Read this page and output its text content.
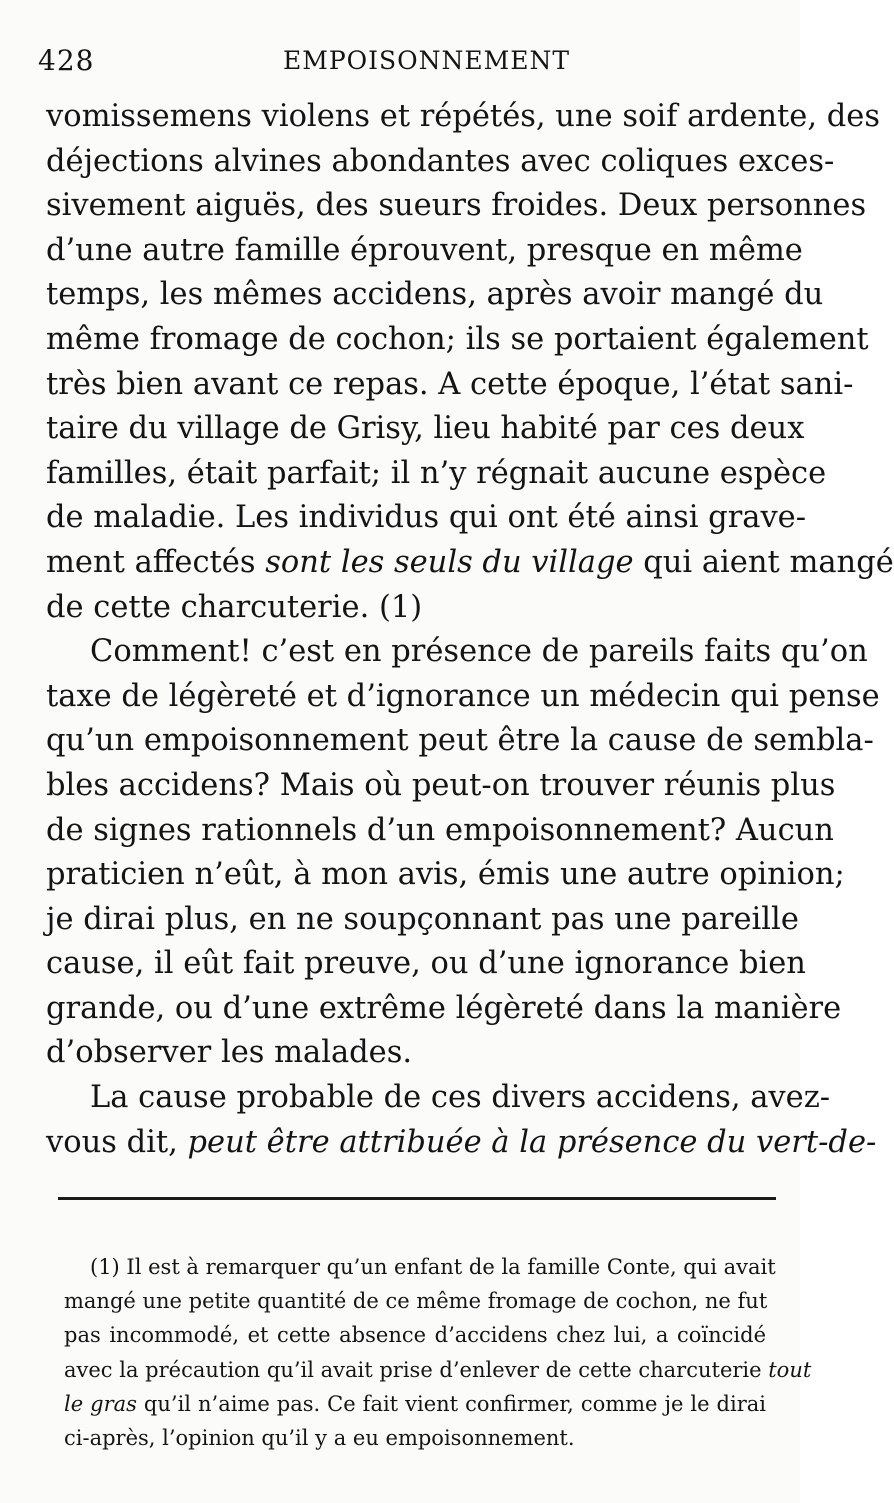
428	EMPOISONNEMENT
vomissemens violens et répétés, une soif ardente, des
déjections alvines abondantes avec coliques exces-
sivement aiguës, des sueurs froides. Deux personnes
d’une autre famille éprouvent, presque en même
temps, les mêmes accidens, après avoir mangé du
même fromage de cochon; ils se portaient également
très bien avant ce repas. A cette époque, l’état sani-
taire du village de Grisy, lieu habité par ces deux
familles, était parfait; il n’y régnait aucune espèce
de maladie. Les individus qui ont été ainsi grave-
ment affectés sont les seuls du village qui aient mangé
de cette charcuterie. (1)
Comment! c’est en présence de pareils faits qu’on
taxe de légèreté et d’ignorance un médecin qui pense
qu’un empoisonnement peut être la cause de sembla-
bles accidens? Mais où peut-on trouver réunis plus
de signes rationnels d’un empoisonnement? Aucun
praticien n’eût, à mon avis, émis une autre opinion;
je dirai plus, en ne soupçonnant pas une pareille
cause, il eût fait preuve, ou d’une ignorance bien
grande, ou d’une extrême légèreté dans la manière
d’observer les malades.
La cause probable de ces divers accidens, avez-
vous dit, peut être attribuée à la présence du vert-de-
(1) Il est à remarquer qu’un enfant de la famille Conte, qui avait
mangé une petite quantité de ce même fromage de cochon, ne fut
pas incommodé, et cette absence d’accidens chez lui, a coïncidé
avec la précaution qu’il avait prise d’enlever de cette charcuterie tout
le gras qu’il n’aime pas. Ce fait vient confirmer, comme je le dirai
ci-après, l’opinion qu’il y a eu empoisonnement.
